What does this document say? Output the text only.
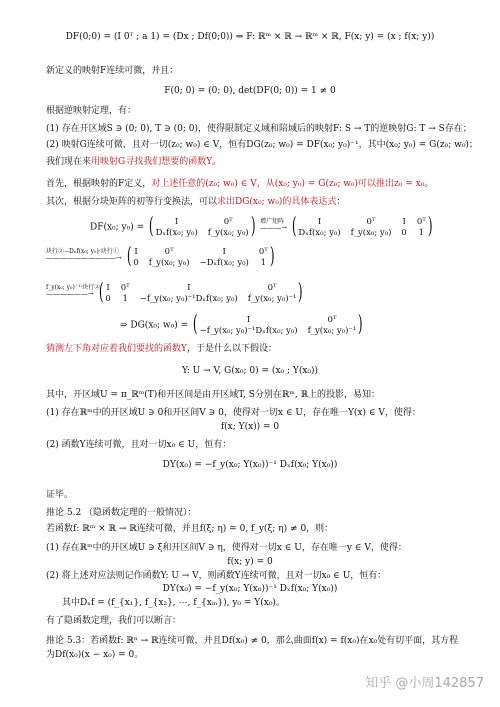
DF(0;0) = (I 0ᵀ ; a 1) = (Dx ; Df(0;0)) ⇒ F: ℝᵐ × ℝ → ℝᵐ × ℝ, F(x; y) = (x ; f(x; y))
新定义的映射F连续可微，并且：
F(0; 0) = (0; 0), det(DF(0; 0)) = 1 ≠ 0
根据逆映射定理，有：
(1) 存在开区域S ∋ (0; 0), T ∋ (0; 0)，使得限制定义域和陪域后的映射F: S → T的逆映射G: T → S存在；
(2) 映射G连续可微，且对一切(z₀; w₀) ∈ V，恒有DG(z₀; w₀) = DF(x₀; y₀)⁻¹，其中(x₀; y₀) = G(z₀; w₀)；
我们现在来用映射G寻找我们想要的函数Y。
首先，根据映射的F定义，对上述任意的(z₀; w₀) ∈ V，从(x₀; y₀) = G(z₀; w₀)可以推出z₀ = x₀。
其次，根据分块矩阵的初等行变换法，可以求出DG(x₀; w₀)的具体表达式：
DF(x₀; y₀) = (	I	0ᵀ
Dₓf(x₀; y₀) f_y(x₀; y₀) )
增广矩阵
———→ (	I	0ᵀ	I 0ᵀ
Dₓf(x₀; y₀) f_y(x₀; y₀) 0 1 )
块行②−Dₓf(x₀; y₀)·块行①
——————————→ ( I	0ᵀ	I	0ᵀ
0 f_y(x₀; y₀) −Dₓf(x₀; y₀) 1 )
f_y(x₀; y₀)⁻¹·块行②
——————→ ( I 0ᵀ	I	0ᵀ
0 1 −f_y(x₀; y₀)⁻¹Dₓf(x₀; y₀) f_y(x₀; y₀)⁻¹ )
⇒ DG(x₀; w₀) = (	I	0ᵀ
−f_y(x₀; y₀)⁻¹Dₓf(x₀; y₀) f_y(x₀; y₀)⁻¹ )
猜测左下角对应着我们要找的函数Y，于是什么以下假设：
Y: U → V, G(x₀; 0) = (x₀ ; Y(x₀))
其中，开区域U = π_ℝᵐ(T)和开区间是由开区域T, S分别在ℝᵐ, ℝ上的投影，易知：
(1) 存在ℝᵐ中的开区域U ∋ 0和开区间V ∋ 0，使得对一切x ∈ U，存在唯一Y(x) ∈ V，使得：
f(x; Y(x)) = 0
(2) 函数Y连续可微，且对一切x₀ ∈ U，恒有：
DY(x₀) = −f_y(x₀; Y(x₀))⁻¹ Dₓf(x₀; Y(x₀))
证毕。
推论 5.2 （隐函数定理的一般情况）：
若函数f: ℝᵐ × ℝ → ℝ连续可微，并且f(ξ; η) = 0, f_y(ξ; η) ≠ 0，则：
(1) 存在ℝᵐ中的开区域U ∋ ξ和开区间V ∋ η，使得对一切x ∈ U，存在唯一y ∈ V，使得：
f(x; y) = 0
(2) 将上述对应法则记作函数Y: U → V，则函数Y连续可微，且对一切x₀ ∈ U，恒有：
DY(x₀) = −f_y(x₀; Y(x₀))⁻¹ Dₓf(x₀; Y(x₀))
其中Dₓf = (f_{x₁}, f_{x₂}, ⋯, f_{xₘ}), y₀ = Y(x₀)。
有了隐函数定理，我们可以断言：
推论 5.3：若函数f: ℝⁿ → ℝ连续可微，并且Df(x₀) ≠ 0，那么曲面f(x) = f(x₀)在x₀处有切平面，其方程
为Df(x₀)(x − x₀) = 0。
知乎 @小周142857
